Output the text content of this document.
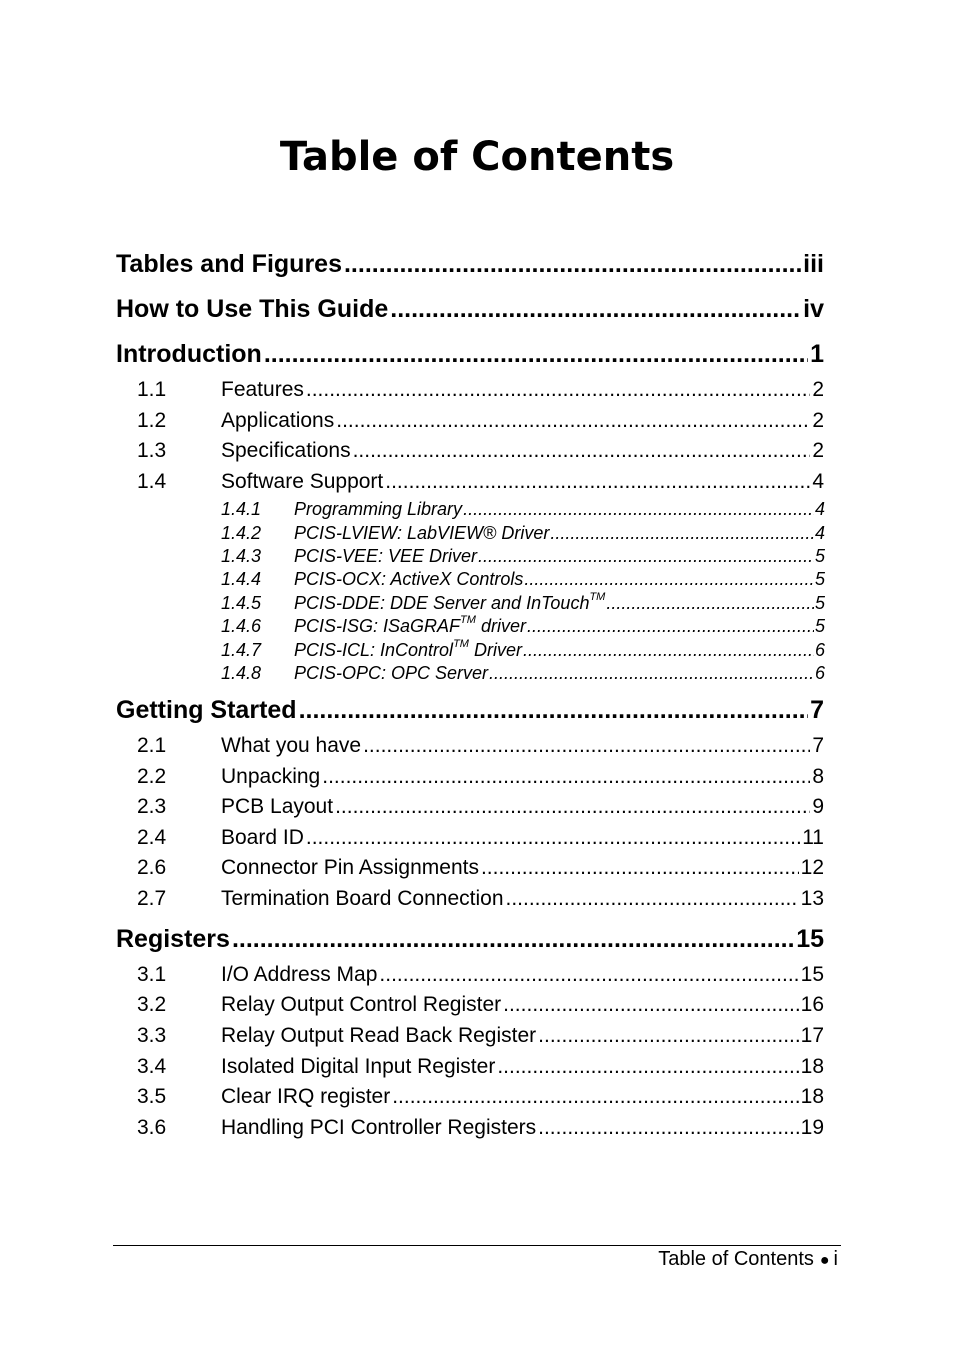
Table of Contents
Tables and Figures .....	iii
How to Use This Guide .....	iv
Introduction .....	1
1.1	Features .....	2
1.2	Applications .....	2
1.3	Specifications .....	2
1.4	Software Support .....	4
1.4.1	Programming Library .....	4
1.4.2	PCIS-LVIEW: LabVIEW® Driver .....	4
1.4.3	PCIS-VEE: VEE Driver .....	5
1.4.4	PCIS-OCX: ActiveX Controls .....	5
1.4.5	PCIS-DDE: DDE Server and InTouch™ .....	5
1.4.6	PCIS-ISG: ISaGRAF™ driver .....	5
1.4.7	PCIS-ICL: InControl™ Driver .....	6
1.4.8	PCIS-OPC: OPC Server .....	6
Getting Started .....	7
2.1	What you have .....	7
2.2	Unpacking .....	8
2.3	PCB Layout .....	9
2.4	Board ID .....	11
2.6	Connector Pin Assignments .....	12
2.7	Termination Board Connection .....	13
Registers .....	15
3.1	I/O Address Map .....	15
3.2	Relay Output Control Register .....	16
3.3	Relay Output Read Back Register .....	17
3.4	Isolated Digital Input Register .....	18
3.5	Clear IRQ register .....	18
3.6	Handling PCI Controller Registers .....	19
Table of Contents ● i
